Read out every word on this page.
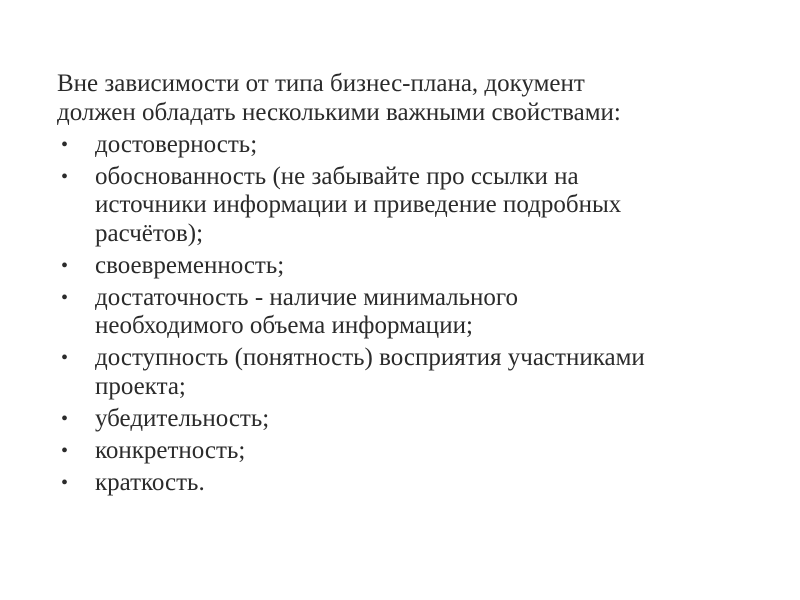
Вне зависимости от типа бизнес-плана, документ
должен обладать несколькими важными свойствами:

• достоверность;
• обоснованность (не забывайте про ссылки на
источники информации и приведение подробных
расчётов);
• своевременность;
• достаточность - наличие минимального
необходимого объема информации;
• доступность (понятность) восприятия участниками
проекта;
• убедительность;
• конкретность;
• краткость.
